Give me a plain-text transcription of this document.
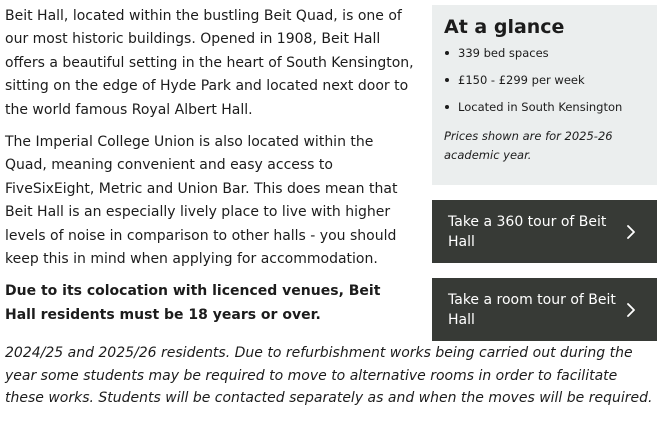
Beit Hall, located within the bustling Beit Quad, is one of our most historic buildings. Opened in 1908, Beit Hall offers a beautiful setting in the heart of South Kensington, sitting on the edge of Hyde Park and located next door to the world famous Royal Albert Hall.

The Imperial College Union is also located within the Quad, meaning convenient and easy access to FiveSixEight, Metric and Union Bar. This does mean that Beit Hall is an especially lively place to live with higher levels of noise in comparison to other halls - you should keep this in mind when applying for accommodation.

Due to its colocation with licenced venues, Beit Hall residents must be 18 years or over.

2024/25 and 2025/26 residents. Due to refurbishment works being carried out during the year some students may be required to move to alternative rooms in order to facilitate these works. Students will be contacted separately as and when the moves will be required.

At a glance
339 bed spaces
£150 - £299 per week
Located in South Kensington

Prices shown are for 2025-26 academic year.

Take a 360 tour of Beit Hall
Take a room tour of Beit Hall
